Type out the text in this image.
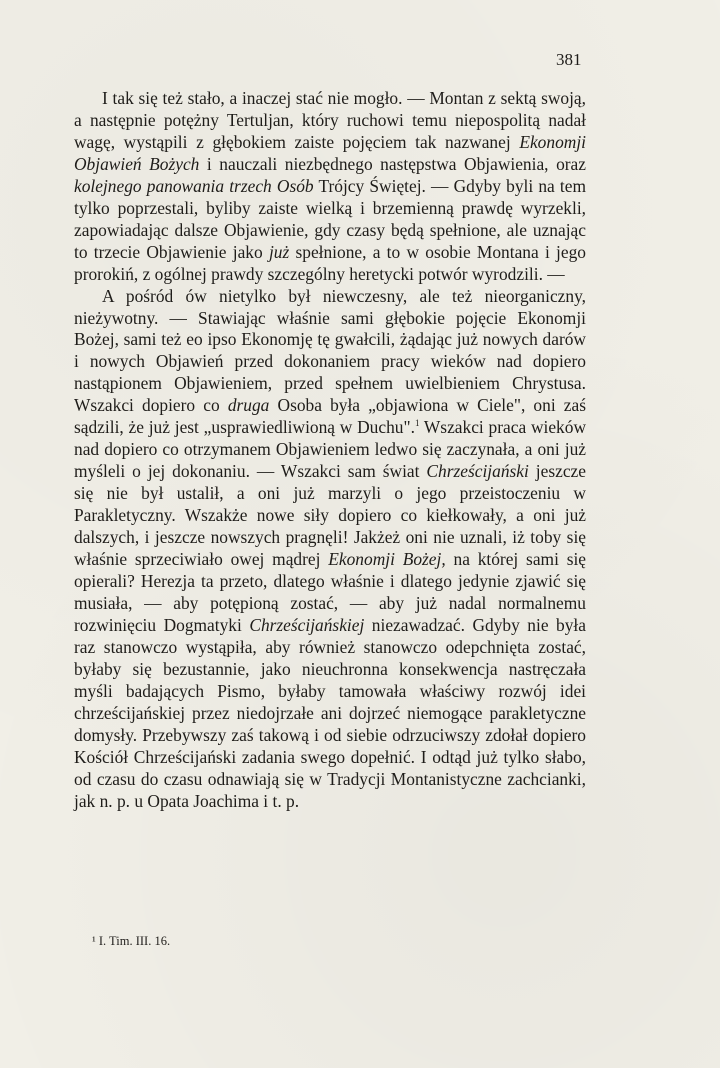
381

I tak się też stało, a inaczej stać nie mogło. — Montan z sektą swoją, a następnie potężny Tertuljan, który ruchowi temu niepospolitą nadał wagę, wystąpili z głębokiem zaiste pojęciem tak nazwanej Ekonomji Objawień Bożych i nauczali niezbędnego następstwa Objawienia, oraz kolejnego panowania trzech Osób Trójcy Świętej. — Gdyby byli na tem tylko poprzestali, byliby zaiste wielką i brzemienną prawdę wyrzekli, zapowiadając dalsze Objawienie, gdy czasy będą spełnione, ale uznając to trzecie Objawienie jako już spełnione, a to w osobie Montana i jego prorokiń, z ogólnej prawdy szczególny heretycki potwór wyrodzili. —

A pośród ów nietylko był niewczesny, ale też nieorganiczny, nieżywotny. — Stawiając właśnie sami głębokie pojęcie Ekonomji Bożej, sami też eo ipso Ekonomję tę gwałcili, żądając już nowych darów i nowych Objawień przed dokonaniem pracy wieków nad dopiero nastąpionem Objawieniem, przed spełnem uwielbieniem Chrystusa. Wszakci dopiero co druga Osoba była „objawiona w Ciele", oni zaś sądzili, że już jest „usprawiedliwioną w Duchu".$^1$ Wszakci praca wieków nad dopiero co otrzymanem Objawieniem ledwo się zaczynała, a oni już myśleli o jej dokonaniu. — Wszakci sam świat Chrześcijański jeszcze się nie był ustalił, a oni już marzyli o jego przeistoczeniu w Parakletyczny. Wszakże nowe siły dopiero co kiełkowały, a oni już dalszych, i jeszcze nowszych pragnęli! Jakżeż oni nie uznali, iż toby się właśnie sprzeciwiało owej mądrej Ekonomji Bożej, na której sami się opierali? Herezja ta przeto, dlatego właśnie i dlatego jedynie zjawić się musiała, — aby potępioną zostać, — aby już nadal normalnemu rozwinięciu Dogmatyki Chrześcijańskiej niezawadzać. Gdyby nie była raz stanowczo wystąpiła, aby również stanowczo odepchnięta zostać, byłaby się bezustannie, jako nieuchronna konsekwencja nastręczała myśli badających Pismo, byłaby tamowała właściwy rozwój idei chrześcijańskiej przez niedojrzałe ani dojrzeć niemogące parakletyczne domysły. Przebywszy zaś takową i od siebie odrzuciwszy zdołał dopiero Kościół Chrześcijański zadania swego dopełnić. I odtąd już tylko słabo, od czasu do czasu odnawiają się w Tradycji Montanistyczne zachcianki, jak n. p. u Opata Joachima i t. p.

¹ I. Tim. III. 16.
